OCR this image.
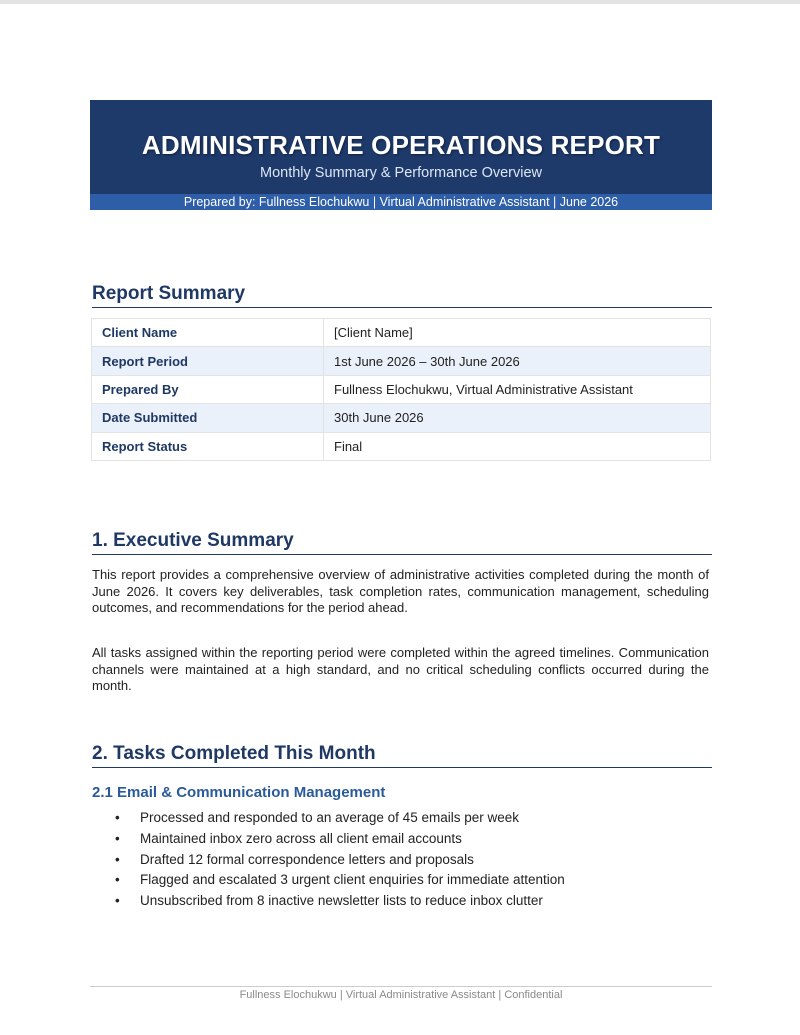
ADMINISTRATIVE OPERATIONS REPORT
Monthly Summary & Performance Overview
Prepared by: Fullness Elochukwu | Virtual Administrative Assistant | June 2026
Report Summary
Client Name	[Client Name]
Report Period	1st June 2026 – 30th June 2026
Prepared By	Fullness Elochukwu, Virtual Administrative Assistant
Date Submitted	30th June 2026
Report Status	Final
1. Executive Summary

This report provides a comprehensive overview of administrative activities completed during the month of June 2026. It covers key deliverables, task completion rates, communication management, scheduling outcomes, and recommendations for the period ahead.

All tasks assigned within the reporting period were completed within the agreed timelines. Communication channels were maintained at a high standard, and no critical scheduling conflicts occurred during the month.

2. Tasks Completed This Month
2.1 Email & Communication Management
• Processed and responded to an average of 45 emails per week
• Maintained inbox zero across all client email accounts
• Drafted 12 formal correspondence letters and proposals
• Flagged and escalated 3 urgent client enquiries for immediate attention
• Unsubscribed from 8 inactive newsletter lists to reduce inbox clutter
Fullness Elochukwu | Virtual Administrative Assistant | Confidential
